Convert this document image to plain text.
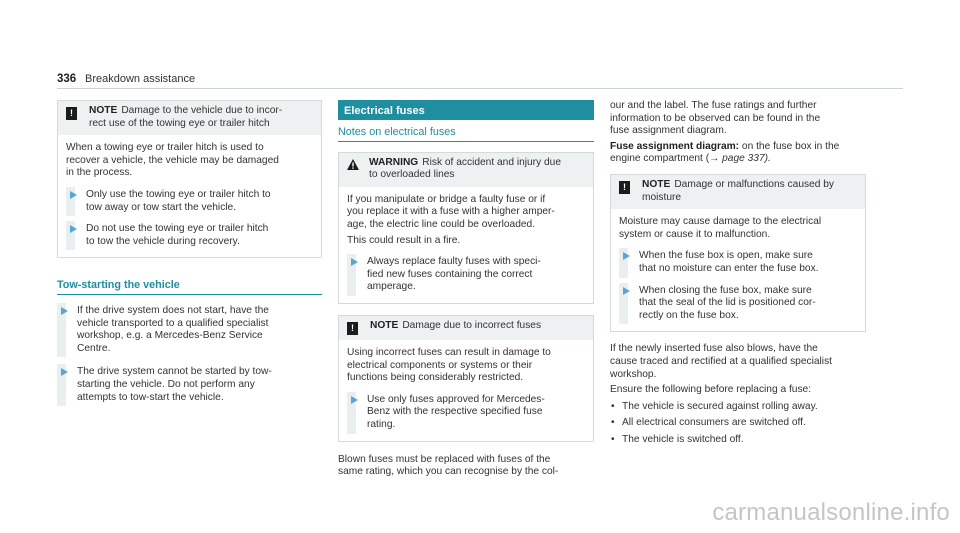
336 Breakdown assistance
!	NOTE Damage to the vehicle due to incor-
rect use of the towing eye or trailer hitch
When a towing eye or trailer hitch is used to
recover a vehicle, the vehicle may be damaged
in the process.
Only use the towing eye or trailer hitch to
tow away or tow start the vehicle.
Do not use the towing eye or trailer hitch
to tow the vehicle during recovery.
Tow-starting the vehicle
If the drive system does not start, have the
vehicle transported to a qualified specialist
workshop, e.g. a Mercedes-Benz Service
Centre.
The drive system cannot be started by tow-
starting the vehicle. Do not perform any
attempts to tow-start the vehicle.
Electrical fuses
Notes on electrical fuses
WARNING Risk of accident and injury due
to overloaded lines
If you manipulate or bridge a faulty fuse or if
you replace it with a fuse with a higher amper-
age, the electric line could be overloaded.
This could result in a fire.
Always replace faulty fuses with speci-
fied new fuses containing the correct
amperage.
!	NOTE Damage due to incorrect fuses
Using incorrect fuses can result in damage to
electrical components or systems or their
functions being considerably restricted.
Use only fuses approved for Mercedes-
Benz with the respective specified fuse
rating.
Blown fuses must be replaced with fuses of the
same rating, which you can recognise by the col-
our and the label. The fuse ratings and further
information to be observed can be found in the
fuse assignment diagram.
Fuse assignment diagram: on the fuse box in the
engine compartment (→ page 337).
!	NOTE Damage or malfunctions caused by
moisture
Moisture may cause damage to the electrical
system or cause it to malfunction.
When the fuse box is open, make sure
that no moisture can enter the fuse box.
When closing the fuse box, make sure
that the seal of the lid is positioned cor-
rectly on the fuse box.
If the newly inserted fuse also blows, have the
cause traced and rectified at a qualified specialist
workshop.
Ensure the following before replacing a fuse:
• The vehicle is secured against rolling away.
• All electrical consumers are switched off.
• The vehicle is switched off.
carmanualsonline.info
